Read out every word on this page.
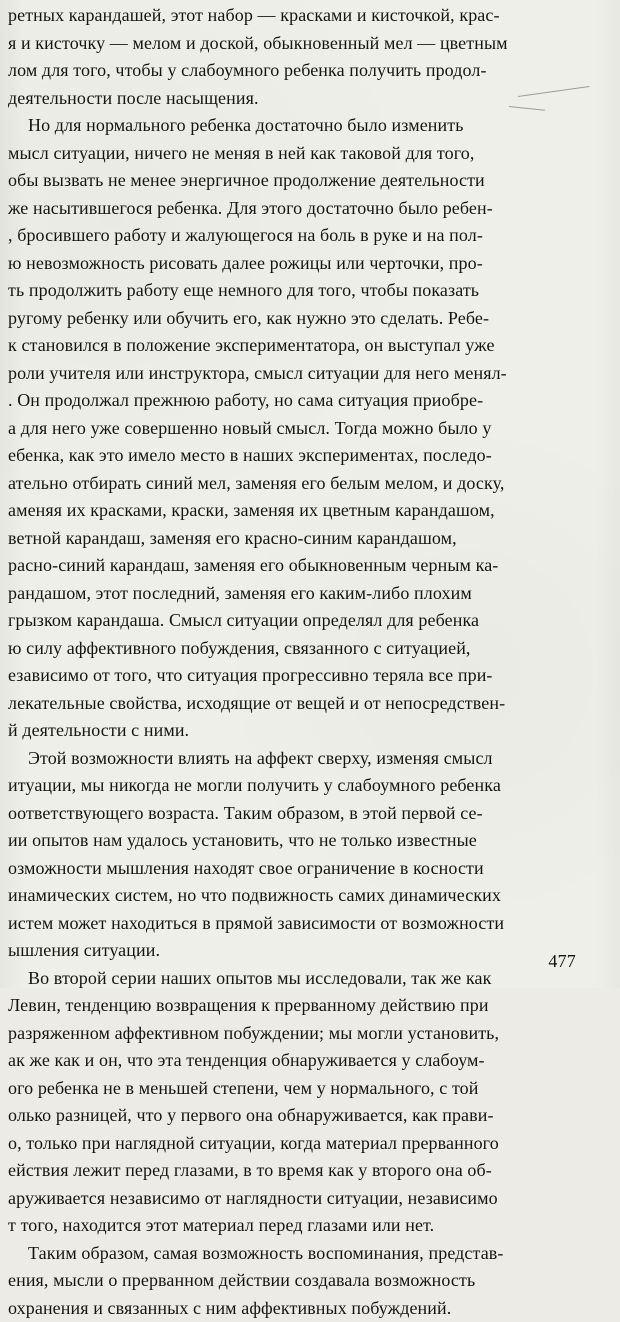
ретных карандашей, этот набор — красками и кисточкой, крас-
я и кисточку — мелом и доской, обыкновенный мел — цветным
лом для того, чтобы у слабоумного ребенка получить продол-
деятельности после насыщения.
Но для нормального ребенка достаточно было изменить
мысл ситуации, ничего не меняя в ней как таковой для того,
обы вызвать не менее энергичное продолжение деятельности
же насытившегося ребенка. Для этого достаточно было ребен-
, бросившего работу и жалующегося на боль в руке и на пол-
ю невозможность рисовать далее рожицы или черточки, про-
ть продолжить работу еще немного для того, чтобы показать
ругому ребенку или обучить его, как нужно это сделать. Ребе-
к становился в положение экспериментатора, он выступал уже
роли учителя или инструктора, смысл ситуации для него менял-
. Он продолжал прежнюю работу, но сама ситуация приобре-
а для него уже совершенно новый смысл. Тогда можно было у
ебенка, как это имело место в наших экспериментах, последо-
ательно отбирать синий мел, заменяя его белым мелом, и доску,
аменяя их красками, краски, заменяя их цветным карандашом,
ветной карандаш, заменяя его красно-синим карандашом,
расно-синий карандаш, заменяя его обыкновенным черным ка-
рандашом, этот последний, заменяя его каким-либо плохим
грызком карандаша. Смысл ситуации определял для ребенка
ю силу аффективного побуждения, связанного с ситуацией,
езависимо от того, что ситуация прогрессивно теряла все при-
лекательные свойства, исходящие от вещей и от непосредствен-
й деятельности с ними.
Этой возможности влиять на аффект сверху, изменяя смысл
итуации, мы никогда не могли получить у слабоумного ребенка
оответствующего возраста. Таким образом, в этой первой се-
ии опытов нам удалось установить, что не только известные
озможности мышления находят свое ограничение в косности
инамических систем, но что подвижность самих динамических
истем может находиться в прямой зависимости от возможности
ышления ситуации.
Во второй серии наших опытов мы исследовали, так же как
Левин, тенденцию возвращения к прерванному действию при
разряженном аффективном побуждении; мы могли установить,
ак же как и он, что эта тенденция обнаруживается у слабоум-
ого ребенка не в меньшей степени, чем у нормального, с той
олько разницей, что у первого она обнаруживается, как прави-
о, только при наглядной ситуации, когда материал прерванного
ействия лежит перед глазами, в то время как у второго она об-
аруживается независимо от наглядности ситуации, независимо
т того, находится этот материал перед глазами или нет.
Таким образом, самая возможность воспоминания, представ-
ения, мысли о прерванном действии создавала возможность
охранения и связанных с ним аффективных побуждений.
477
